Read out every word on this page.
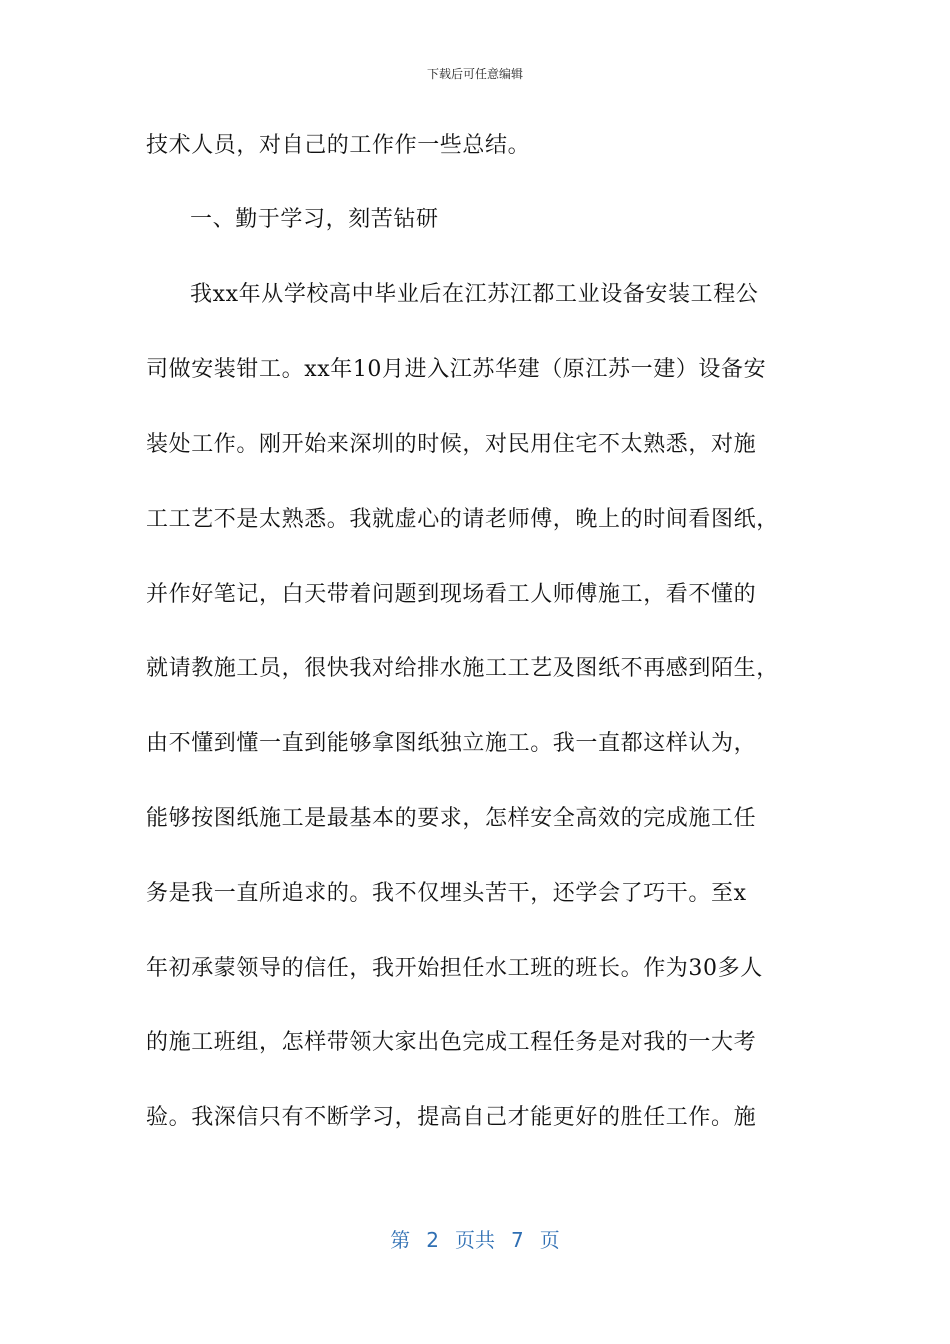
下载后可任意编辑
技术人员，对自己的工作作一些总结。
一、勤于学习，刻苦钻研
我xx年从学校高中毕业后在江苏江都工业设备安装工程公
司做安装钳工。xx年10月进入江苏华建（原江苏一建）设备安
装处工作。刚开始来深圳的时候，对民用住宅不太熟悉，对施
工工艺不是太熟悉。我就虚心的请老师傅，晚上的时间看图纸，
并作好笔记，白天带着问题到现场看工人师傅施工，看不懂的
就请教施工员，很快我对给排水施工工艺及图纸不再感到陌生，
由不懂到懂一直到能够拿图纸独立施工。我一直都这样认为，
能够按图纸施工是最基本的要求，怎样安全高效的完成施工任
务是我一直所追求的。我不仅埋头苦干，还学会了巧干。至x
年初承蒙领导的信任，我开始担任水工班的班长。作为30多人
的施工班组，怎样带领大家出色完成工程任务是对我的一大考
验。我深信只有不断学习，提高自己才能更好的胜任工作。施
第 2 页共 7 页
